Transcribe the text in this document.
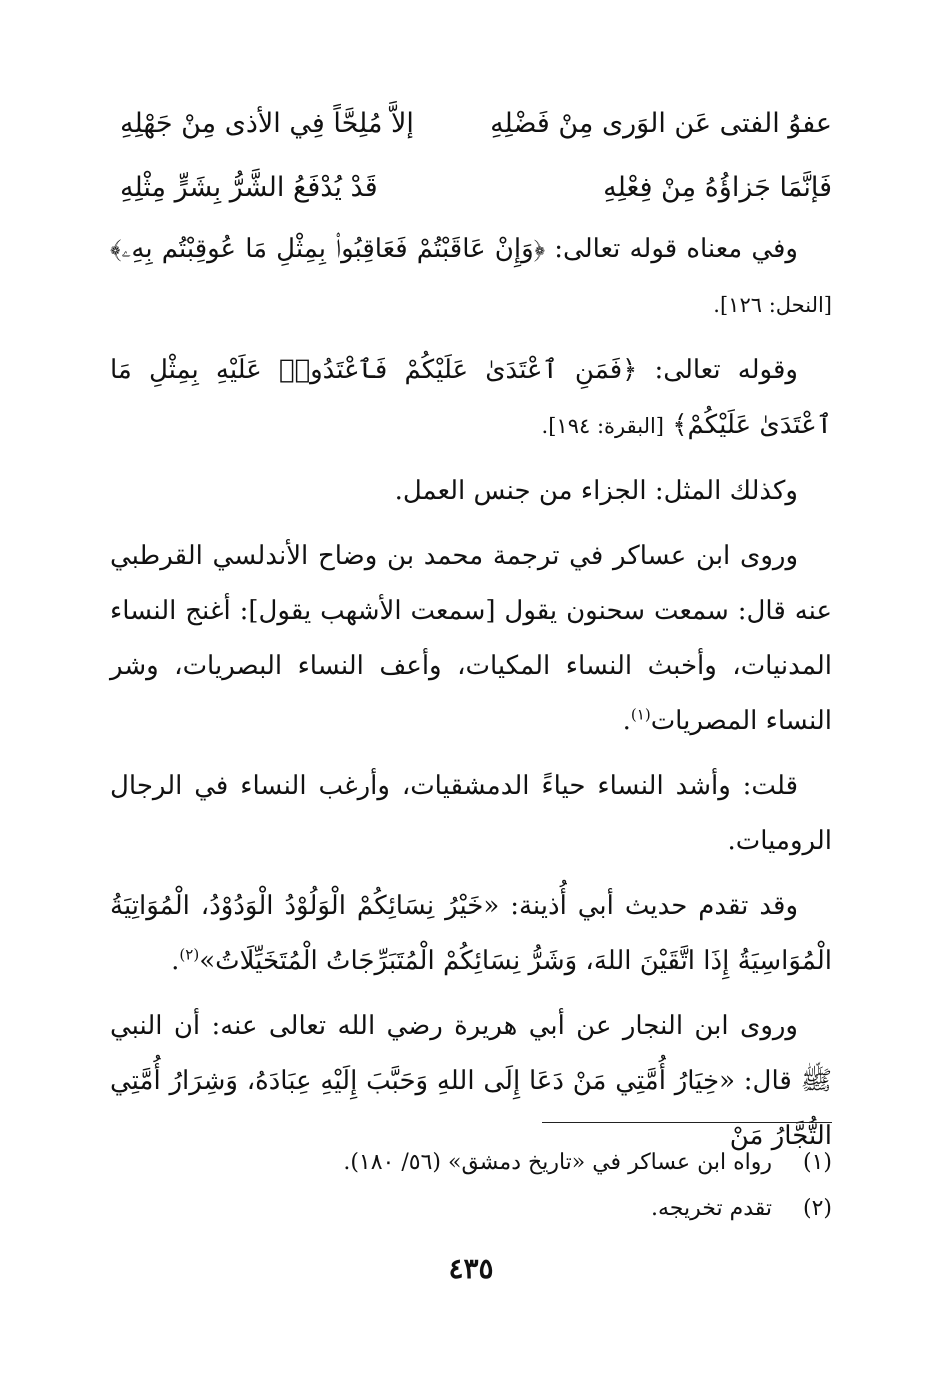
عفوُ الفتى عَن الوَرى مِنْ فَضْلِهِ
إلاَّ مُلِحَّاً فِي الأذى مِنْ جَهْلِهِ
فَإنَّمَا جَزاؤُهُ مِنْ فِعْلِهِ
قَدْ يُدْفَعُ الشَّرُّ بِشَرٍّ مِثْلِهِ

وفي معناه قوله تعالى: ﴿وَإِنْ عَاقَبْتُمْ فَعَاقِبُوا۟ بِمِثْلِ مَا عُوقِبْتُم بِهِۦ﴾[النحل: ١٢٦].

وقوله تعالى: ﴿فَمَنِ ٱعْتَدَىٰ عَلَيْكُمْ فَٱعْتَدُوا۟ عَلَيْهِ بِمِثْلِ مَا ٱعْتَدَىٰ عَلَيْكُمْ﴾ [البقرة: ١٩٤].

وكذلك المثل: الجزاء من جنس العمل.

وروى ابن عساكر في ترجمة محمد بن وضاح الأندلسي القرطبي عنه قال: سمعت سحنون يقول [سمعت الأشهب يقول]: أغنج النساء المدنيات، وأخبث النساء المكيات، وأعف النساء البصريات، وشر النساء المصريات$^{(١)}$.

قلت: وأشد النساء حياءً الدمشقيات، وأرغب النساء في الرجال الروميات.

وقد تقدم حديث أبي أُذينة: «خَيْرُ نِسَائِكُمْ الْوَلُوْدُ الْوَدُوْدُ، الْمُوَاتِيَةُ الْمُوَاسِيَةُ إِذَا اتَّقَيْنَ اللهَ، وَشَرُّ نِسَائِكُمْ الْمُتَبَرِّجَاتُ الْمُتَخَيِّلَاتُ»$^{(٢)}$.

وروى ابن النجار عن أبي هريرة رضي الله تعالى عنه: أن النبي ﷺ قال: «خِيَارُ أُمَّتِي مَنْ دَعَا إِلَى اللهِ وَحَبَّبَ إِلَيْهِ عِبَادَهُ، وَشِرَارُ أُمَّتِي التُّجَّارُ مَنْ

(١)
رواه ابن عساكر في «تاريخ دمشق» (٥٦/ ١٨٠).
(٢)
تقدم تخريجه.
٤٣٥
